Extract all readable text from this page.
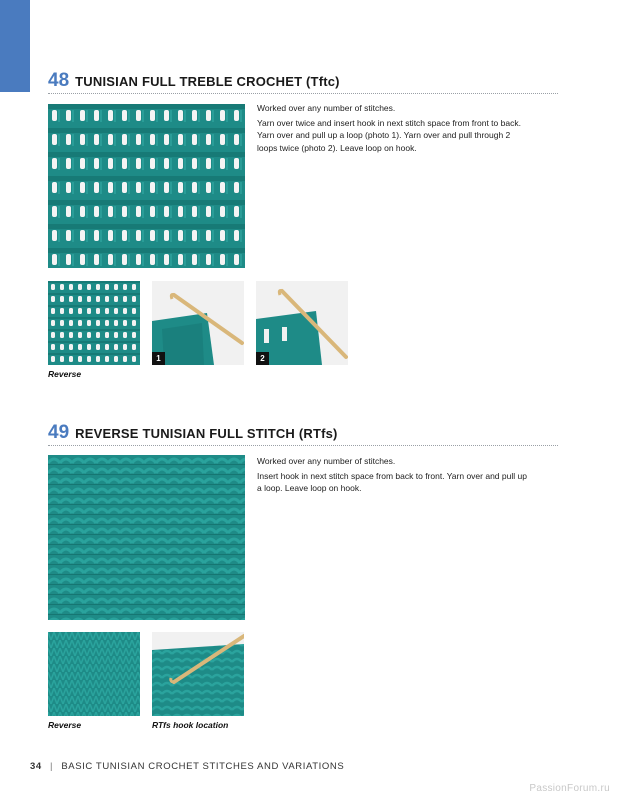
48 TUNISIAN FULL TREBLE CROCHET (Tftc)

Worked over any number of stitches.

Yarn over twice and insert hook in next stitch space from front to back. Yarn over and pull up a loop (photo 1). Yarn over and pull through 2 loops twice (photo 2). Leave loop on hook.

1	2
Reverse
49 REVERSE TUNISIAN FULL STITCH (RTfs)

Worked over any number of stitches.

Insert hook in next stitch space from back to front. Yarn over and pull up a loop. Leave loop on hook.

Reverse	RTfs hook location
34 | BASIC TUNISIAN CROCHET STITCHES AND VARIATIONS
PassionForum.ru
